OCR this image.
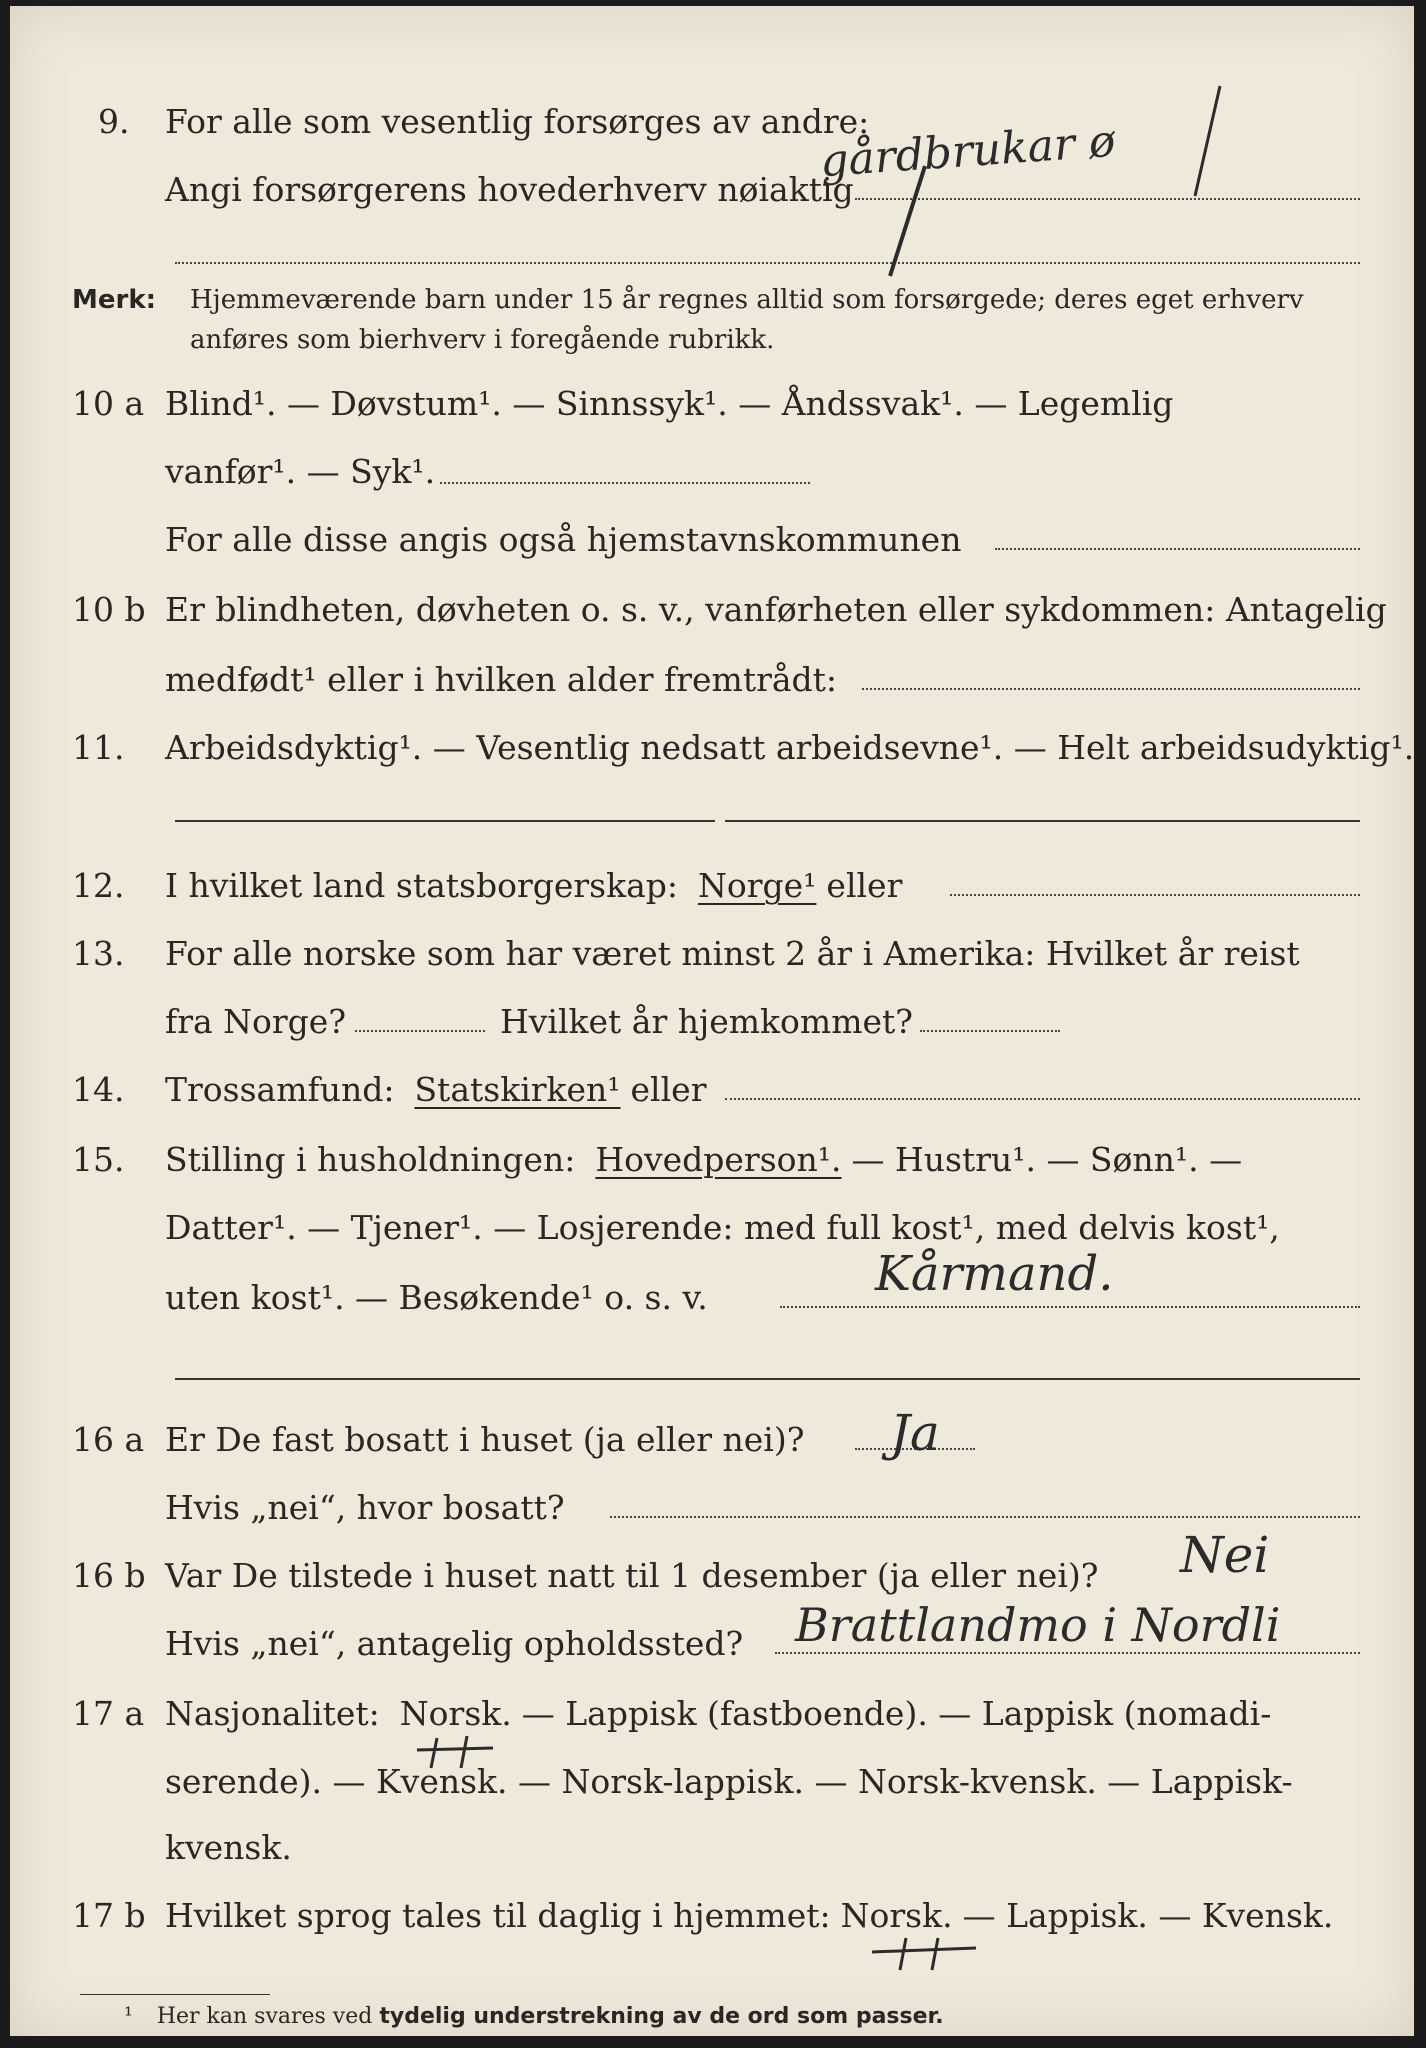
9. For alle som vesentlig forsørges av andre:
Angi forsørgerens hovederhverv nøiaktig
gårdbrukar ø
Merk: Hjemmeværende barn under 15 år regnes alltid som forsørgede; deres eget erhverv
anføres som bierhverv i foregående rubrikk.
10 a Blind¹. — Døvstum¹. — Sinnssyk¹. — Åndssvak¹. — Legemlig
vanfør¹. — Syk¹.
For alle disse angis også hjemstavnskommunen
10 b Er blindheten, døvheten o. s. v., vanførheten eller sykdommen: Antagelig
medfødt¹ eller i hvilken alder fremtrådt:
11. Arbeidsdyktig¹. — Vesentlig nedsatt arbeidsevne¹. — Helt arbeidsudyktig¹.
12. I hvilket land statsborgerskap: Norge¹ eller
13. For alle norske som har været minst 2 år i Amerika: Hvilket år reist
fra Norge?	Hvilket år hjemkommet?
14. Trossamfund: Statskirken¹ eller
15. Stilling i husholdningen: Hovedperson¹. — Hustru¹. — Sønn¹. —
Datter¹. — Tjener¹. — Losjerende: med full kost¹, med delvis kost¹,
uten kost¹. — Besøkende¹ o. s. v.	Kårmand.
16 a Er De fast bosatt i huset (ja eller nei)? Ja
Hvis „nei“, hvor bosatt?
16 b Var De tilstede i huset natt til 1 desember (ja eller nei)? Nei
Hvis „nei“, antagelig opholdssted? Brattlandmo i Nordli
17 a Nasjonalitet: Norsk. — Lappisk (fastboende). — Lappisk (nomadi-
serende). — Kvensk. — Norsk-lappisk. — Norsk-kvensk. — Lappisk-
kvensk.
17 b Hvilket sprog tales til daglig i hjemmet: Norsk. — Lappisk. — Kvensk.
¹ Her kan svares ved tydelig understrekning av de ord som passer.
